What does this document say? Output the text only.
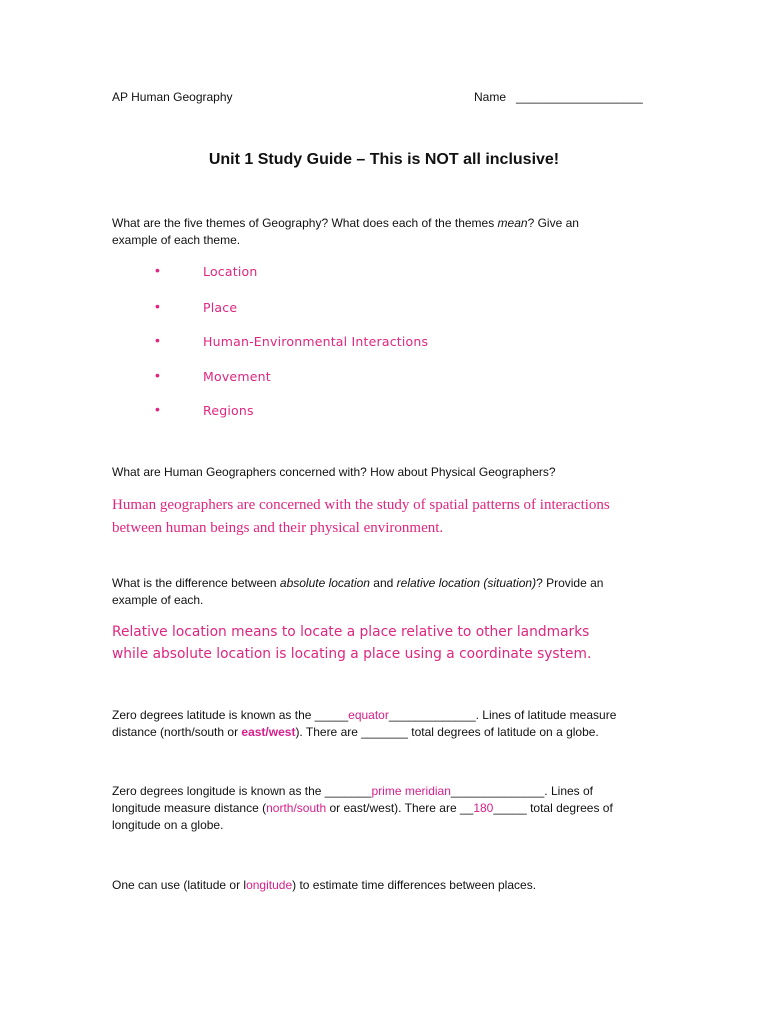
AP Human Geography	Name ___________________
Unit 1 Study Guide – This is NOT all inclusive!
What are the five themes of Geography? What does each of the themes mean? Give an
example of each theme.
•	Location
•	Place
•	Human-Environmental Interactions
•	Movement
•	Regions
What are Human Geographers concerned with? How about Physical Geographers?
Human geographers are concerned with the study of spatial patterns of interactions
between human beings and their physical environment.
What is the difference between absolute location and relative location (situation)? Provide an
example of each.
Relative location means to locate a place relative to other landmarks
while absolute location is locating a place using a coordinate system.
Zero degrees latitude is known as the _____equator_____________. Lines of latitude measure
distance (north/south or east/west). There are _______ total degrees of latitude on a globe.
Zero degrees longitude is known as the _______prime meridian______________. Lines of
longitude measure distance (north/south or east/west). There are __180_____ total degrees of
longitude on a globe.
One can use (latitude or longitude) to estimate time differences between places.
